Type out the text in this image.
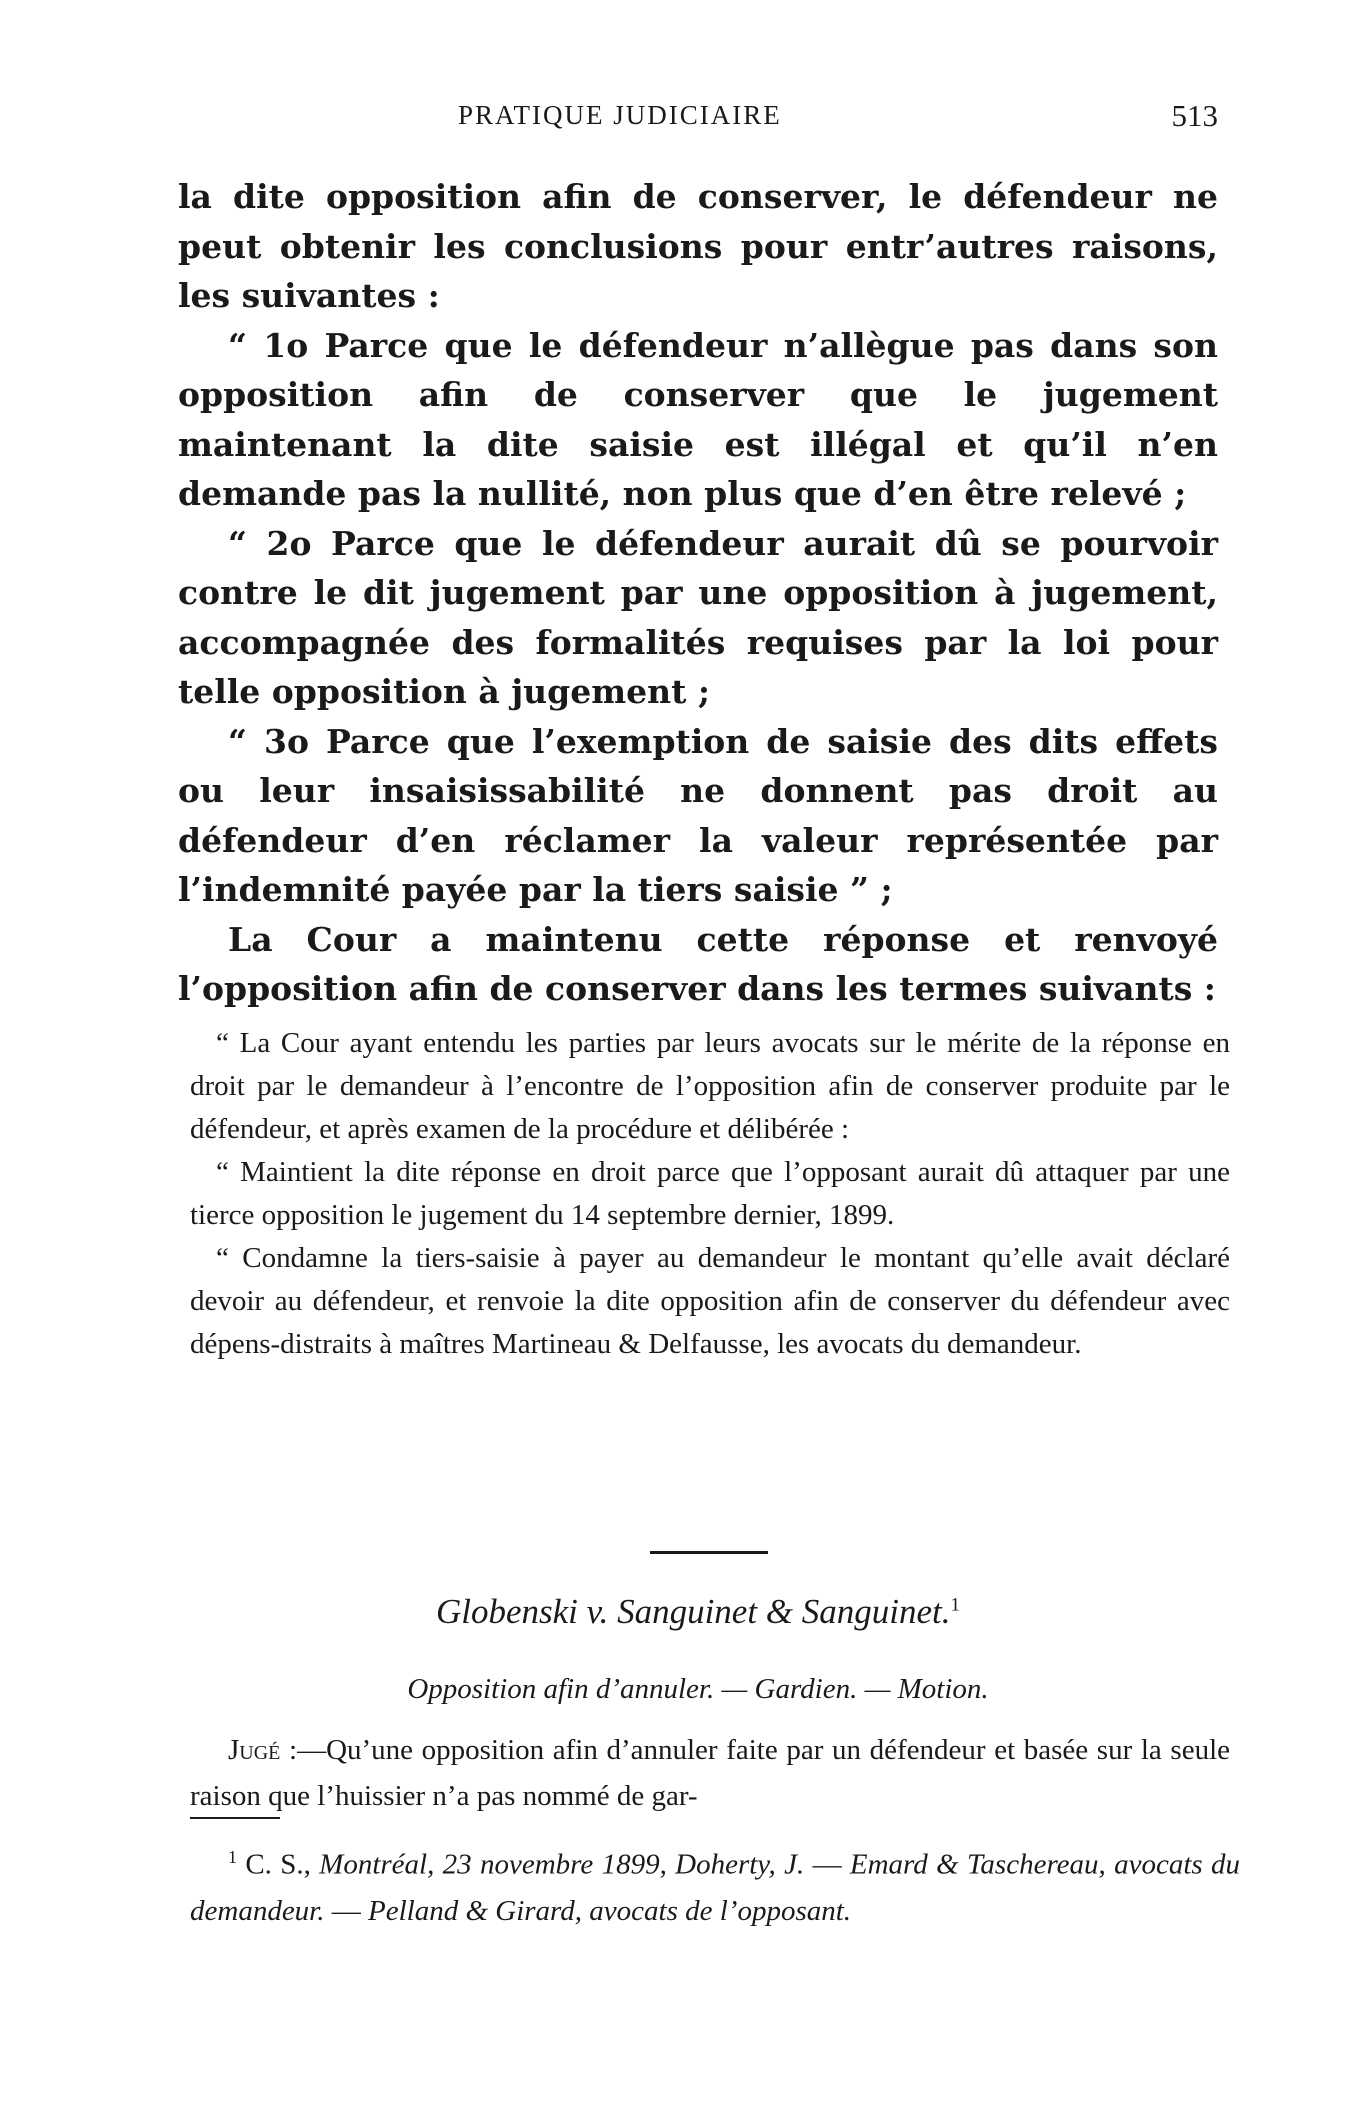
PRATIQUE JUDICIAIRE	513

la dite opposition afin de conserver, le défendeur ne peut obtenir les conclusions pour entr’autres raisons, les suivantes :

“ 1o Parce que le défendeur n’allègue pas dans son opposition afin de conserver que le jugement maintenant la dite saisie est illégal et qu’il n’en demande pas la nullité, non plus que d’en être relevé ;

“ 2o Parce que le défendeur aurait dû se pourvoir contre le dit jugement par une opposition à jugement, accompagnée des formalités requises par la loi pour telle opposition à jugement ;

“ 3o Parce que l’exemption de saisie des dits effets ou leur insaisissabilité ne donnent pas droit au défendeur d’en réclamer la valeur représentée par l’indemnité payée par la tiers saisie ” ;

La Cour a maintenu cette réponse et renvoyé l’opposition afin de conserver dans les termes suivants :

“ La Cour ayant entendu les parties par leurs avocats sur le mérite de la réponse en droit par le demandeur à l’encontre de l’opposition afin de conserver produite par le défendeur, et après examen de la procédure et délibérée :

“ Maintient la dite réponse en droit parce que l’opposant aurait dû attaquer par une tierce opposition le jugement du 14 septembre dernier, 1899.

“ Condamne la tiers-saisie à payer au demandeur le montant qu’elle avait déclaré devoir au défendeur, et renvoie la dite opposition afin de conserver du défendeur avec dépens-distraits à maîtres Martineau & Delfausse, les avocats du demandeur.

Globenski v. Sanguinet & Sanguinet.$^1$
Opposition afin d’annuler. — Gardien. — Motion.

Jugé :—Qu’une opposition afin d’annuler faite par un défendeur et basée sur la seule raison que l’huissier n’a pas nommé de gar-

$^1$ C. S., Montréal, 23 novembre 1899, Doherty, J. — Emard & Taschereau, avocats du demandeur. — Pelland & Girard, avocats de l’opposant.
